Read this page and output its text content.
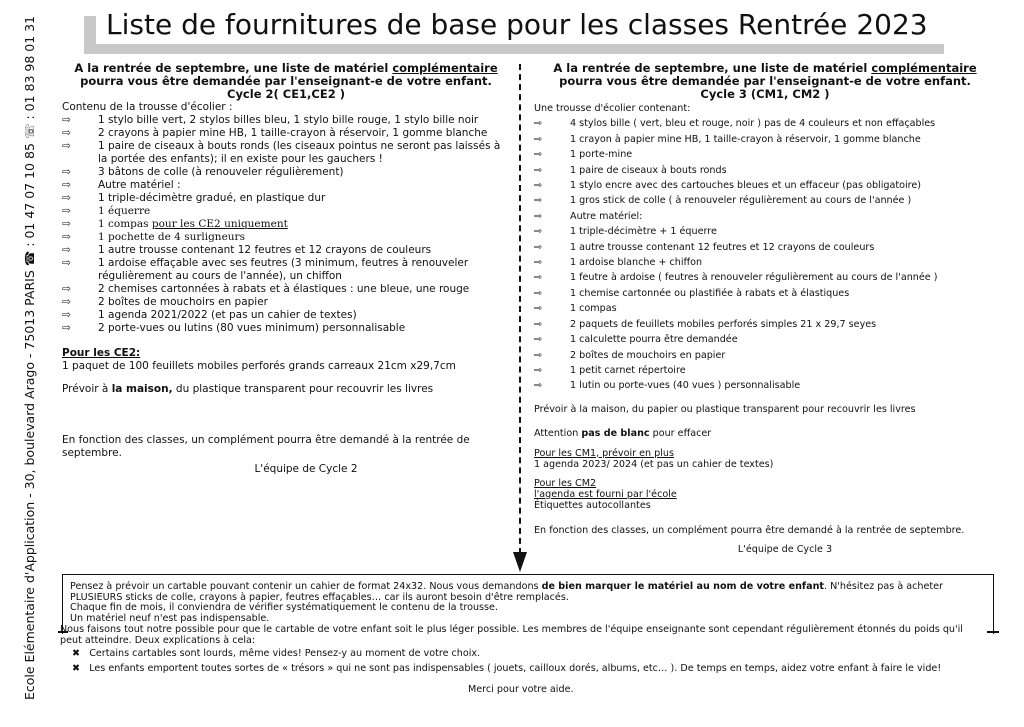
Ecole Elémentaire d'Application - 30, boulevard Arago - 75013 PARIS ☎ : 01 47 07 10 85 ☏ : 01 83 98 01 31 Liste de fournitures de base pour les classes Rentrée 2023
A la rentrée de septembre, une liste de matériel complémentaire
pourra vous être demandée par l'enseignant-e de votre enfant.
Cycle 2( CE1,CE2 )
Contenu de la trousse d'écolier :
⇨	1 stylo bille vert, 2 stylos billes bleu, 1 stylo bille rouge, 1 stylo bille noir
⇨	2 crayons à papier mine HB, 1 taille-crayon à réservoir, 1 gomme blanche
⇨	1 paire de ciseaux à bouts ronds (les ciseaux pointus ne seront pas laissés à la portée des enfants); il en existe pour les gauchers !
⇨	3 bâtons de colle (à renouveler régulièrement)
⇨	Autre matériel :
⇨	1 triple-décimètre gradué, en plastique dur
⇨	1 équerre
⇨	1 compas pour les CE2 uniquement
⇨	1 pochette de 4 surligneurs
⇨	1 autre trousse contenant 12 feutres et 12 crayons de couleurs
⇨	1 ardoise effaçable avec ses feutres (3 minimum, feutres à renouveler régulièrement au cours de l'année), un chiffon
⇨	2 chemises cartonnées à rabats et à élastiques : une bleue, une rouge
⇨	2 boîtes de mouchoirs en papier
⇨	1 agenda 2021/2022 (et pas un cahier de textes)
⇨	2 porte-vues ou lutins (80 vues minimum) personnalisable
Pour les CE2:
1 paquet de 100 feuillets mobiles perforés grands carreaux 21cm x29,7cm
Prévoir à la maison, du plastique transparent pour recouvrir les livres
En fonction des classes, un complément pourra être demandé à la rentrée de septembre.
L'équipe de Cycle 2
A la rentrée de septembre, une liste de matériel complémentaire
pourra vous être demandée par l'enseignant-e de votre enfant.
Cycle 3 (CM1, CM2 )
Une trousse d'écolier contenant:
⇨	4 stylos bille ( vert, bleu et rouge, noir ) pas de 4 couleurs et non effaçables
⇨	1 crayon à papier mine HB, 1 taille-crayon à réservoir, 1 gomme blanche
⇨	1 porte-mine
⇨	1 paire de ciseaux à bouts ronds
⇨	1 stylo encre avec des cartouches bleues et un effaceur (pas obligatoire)
⇨	1 gros stick de colle ( à renouveler régulièrement au cours de l'année )
⇨	Autre matériel:
⇨	1 triple-décimètre + 1 équerre
⇨	1 autre trousse contenant 12 feutres et 12 crayons de couleurs
⇨	1 ardoise blanche + chiffon
⇨	1 feutre à ardoise ( feutres à renouveler régulièrement au cours de l'année )
⇨	1 chemise cartonnée ou plastifiée à rabats et à élastiques
⇨	1 compas
⇨	2 paquets de feuillets mobiles perforés simples 21 x 29,7 seyes
⇨	1 calculette pourra être demandée
⇨	2 boîtes de mouchoirs en papier
⇨	1 petit carnet répertoire
⇨	1 lutin ou porte-vues (40 vues ) personnalisable
Prévoir à la maison, du papier ou plastique transparent pour recouvrir les livres
Attention pas de blanc pour effacer
Pour les CM1, prévoir en plus
1 agenda 2023/ 2024 (et pas un cahier de textes)
Pour les CM2
l'agenda est fourni par l'école
Étiquettes autocollantes
En fonction des classes, un complément pourra être demandé à la rentrée de septembre.
L'équipe de Cycle 3
Pensez à prévoir un cartable pouvant contenir un cahier de format 24x32. Nous vous demandons de bien marquer le matériel au nom de votre enfant. N'hésitez pas à acheter PLUSIEURS sticks de colle, crayons à papier, feutres effaçables… car ils auront besoin d'être remplacés.
Chaque fin de mois, il conviendra de vérifier systématiquement le contenu de la trousse.
Un matériel neuf n'est pas indispensable.
Nous faisons tout notre possible pour que le cartable de votre enfant soit le plus léger possible. Les membres de l'équipe enseignante sont cependant régulièrement étonnés du poids qu'il peut atteindre. Deux explications à cela:
✖ Certains cartables sont lourds, même vides! Pensez-y au moment de votre choix.
✖ Les enfants emportent toutes sortes de « trésors » qui ne sont pas indispensables ( jouets, cailloux dorés, albums, etc… ). De temps en temps, aidez votre enfant à faire le vide!
Merci pour votre aide.
